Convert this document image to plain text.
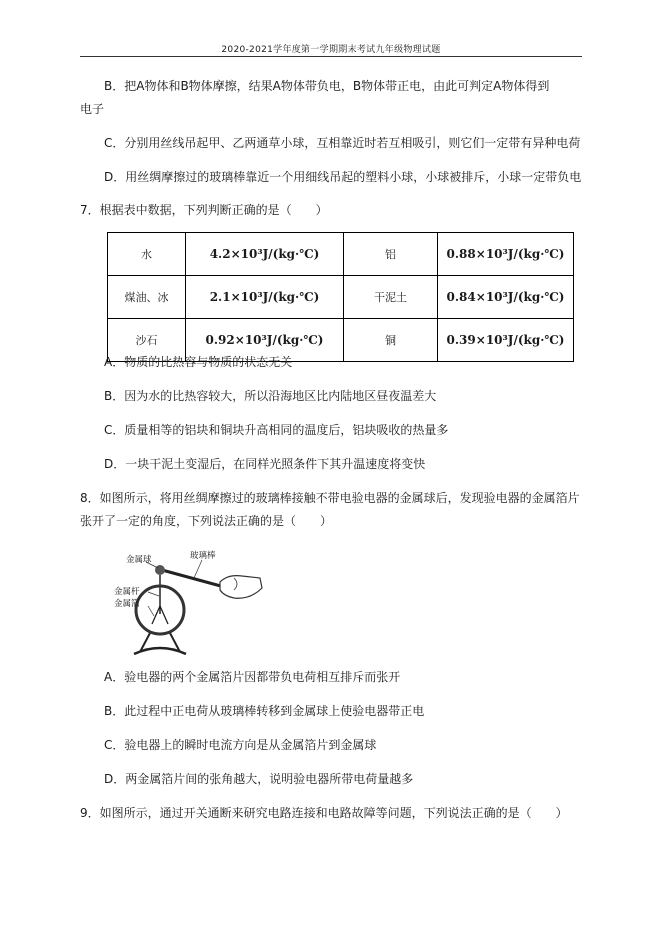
2020-2021学年度第一学期期末考试九年级物理试题
B．把A物体和B物体摩擦，结果A物体带负电，B物体带正电，由此可判定A物体得到
电子
C．分别用丝线吊起甲、乙两通草小球，互相靠近时若互相吸引，则它们一定带有异种电荷
D．用丝绸摩擦过的玻璃棒靠近一个用细线吊起的塑料小球，小球被排斥，小球一定带负电
7．根据表中数据，下列判断正确的是（　　）
水	4.2×10³J/(kg·℃)	铝	0.88×10³J/(kg·℃)
煤油、冰	2.1×10³J/(kg·℃)	干泥土	0.84×10³J/(kg·℃)
沙石	0.92×10³J/(kg·℃)	铜	0.39×10³J/(kg·℃)
A．物质的比热容与物质的状态无关
B．因为水的比热容较大，所以沿海地区比内陆地区昼夜温差大
C．质量相等的铝块和铜块升高相同的温度后，铝块吸收的热量多
D．一块干泥土变湿后，在同样光照条件下其升温速度将变快
8．如图所示，将用丝绸摩擦过的玻璃棒接触不带电验电器的金属球后，发现验电器的金属箔片
张开了一定的角度，下列说法正确的是（　　）
金属球
金属杆
金属箔
玻璃棒
A．验电器的两个金属箔片因都带负电荷相互排斥而张开
B．此过程中正电荷从玻璃棒转移到金属球上使验电器带正电
C．验电器上的瞬时电流方向是从金属箔片到金属球
D．两金属箔片间的张角越大，说明验电器所带电荷量越多
9．如图所示，通过开关通断来研究电路连接和电路故障等问题，下列说法正确的是（　　）
